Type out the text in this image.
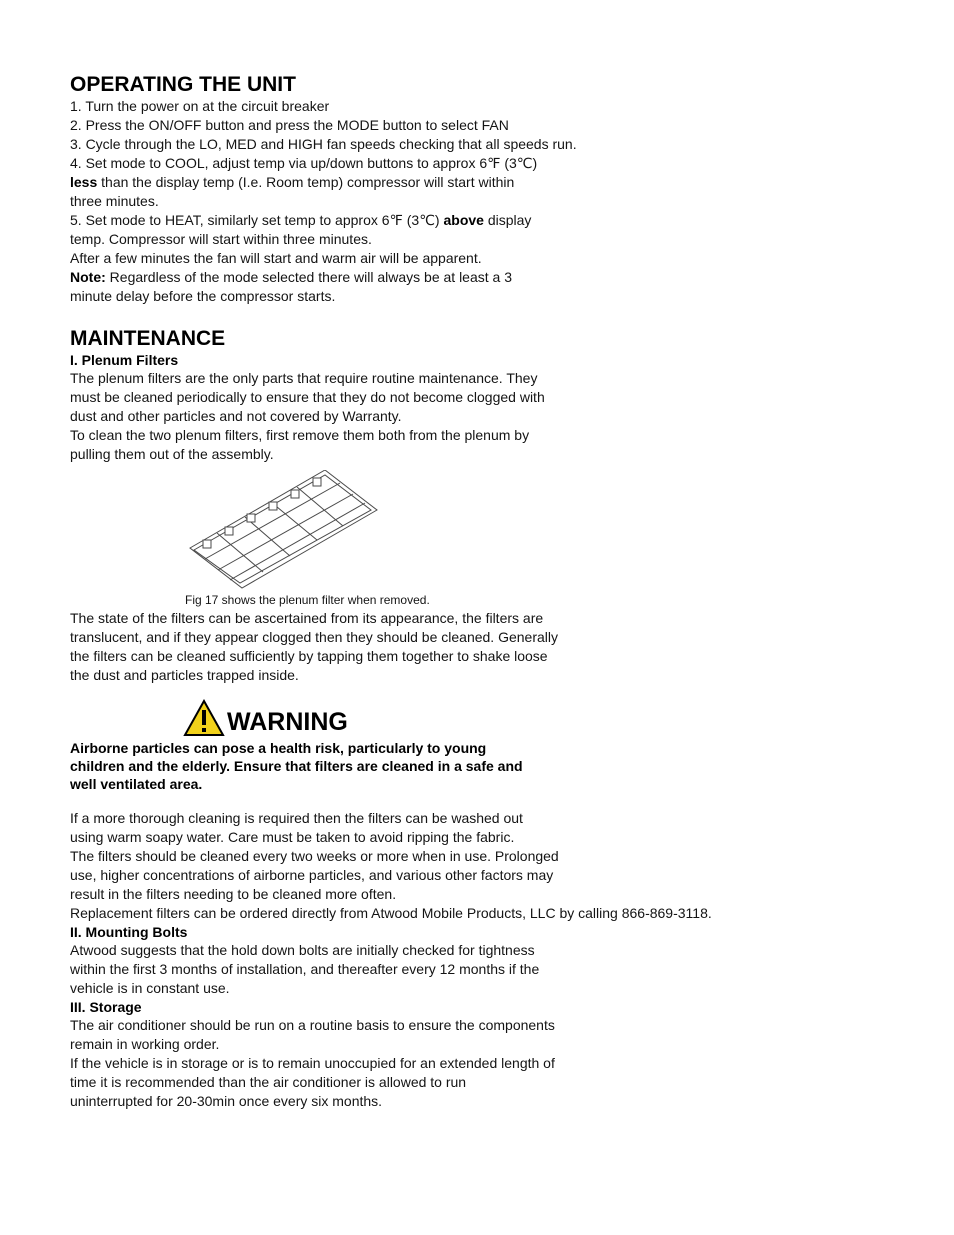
OPERATING THE UNIT

1. Turn the power on at the circuit breaker

2. Press the ON/OFF button and press the MODE button to select FAN

3. Cycle through the LO, MED and HIGH fan speeds checking that all speeds run.

4. Set mode to COOL, adjust temp via up/down buttons to approx 6℉ (3℃)

less than the display temp (I.e. Room temp) compressor will start within

three minutes.

5. Set mode to HEAT, similarly set temp to approx 6℉ (3℃) above display

temp. Compressor will start within three minutes.

After a few minutes the fan will start and warm air will be apparent.

Note: Regardless of the mode selected there will always be at least a 3

minute delay before the compressor starts.

MAINTENANCE
I. Plenum Filters

The plenum filters are the only parts that require routine maintenance. They

must be cleaned periodically to ensure that they do not become clogged with

dust and other particles and not covered by Warranty.

To clean the two plenum filters, first remove them both from the plenum by

pulling them out of the assembly.

Fig 17 shows the plenum filter when removed.

The state of the filters can be ascertained from its appearance, the filters are

translucent, and if they appear clogged then they should be cleaned. Generally

the filters can be cleaned sufficiently by tapping them together to shake loose

the dust and particles trapped inside.

WARNING

Airborne particles can pose a health risk, particularly to young

children and the elderly. Ensure that filters are cleaned in a safe and

well ventilated area.

If a more thorough cleaning is required then the filters can be washed out

using warm soapy water. Care must be taken to avoid ripping the fabric.

The filters should be cleaned every two weeks or more when in use. Prolonged

use, higher concentrations of airborne particles, and various other factors may

result in the filters needing to be cleaned more often.

Replacement filters can be ordered directly from Atwood Mobile Products, LLC by calling 866-869-3118.

II. Mounting Bolts

Atwood suggests that the hold down bolts are initially checked for tightness

within the first 3 months of installation, and thereafter every 12 months if the

vehicle is in constant use.

III. Storage

The air conditioner should be run on a routine basis to ensure the components

remain in working order.

If the vehicle is in storage or is to remain unoccupied for an extended length of

time it is recommended than the air conditioner is allowed to run

uninterrupted for 20-30min once every six months.
